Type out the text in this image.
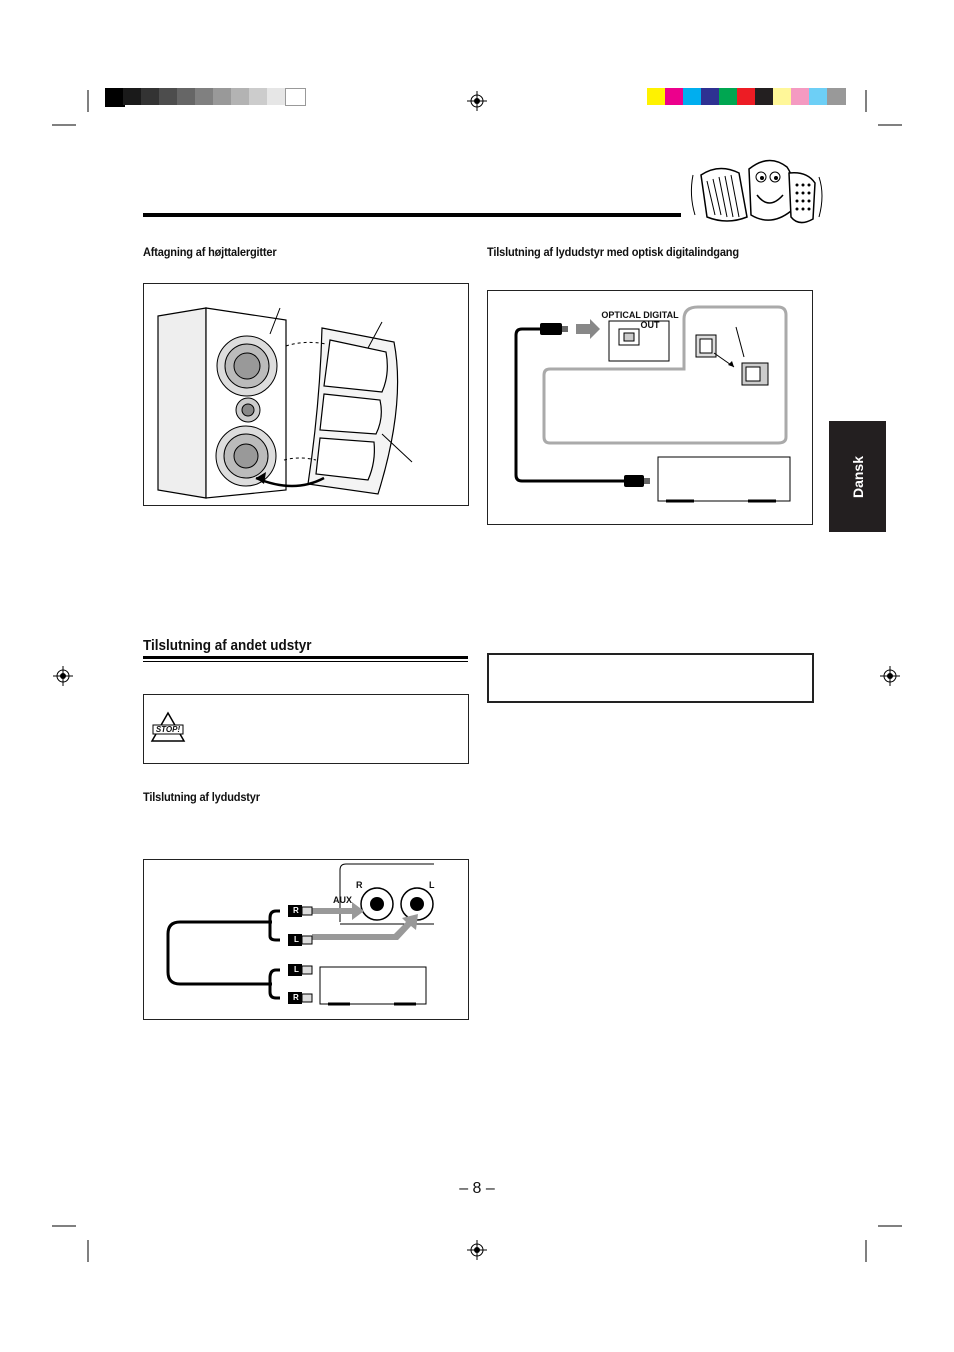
Dansk
Aftagning af højttalergitter	Tilslutning af lydudstyr med optisk digitalindgang
OPTICAL DIGITAL
OUT
Tilslutning af andet udstyr
STOP!
Tilslutning af lydudstyr
R	L
AUX
R
L
L
R
– 8 –
